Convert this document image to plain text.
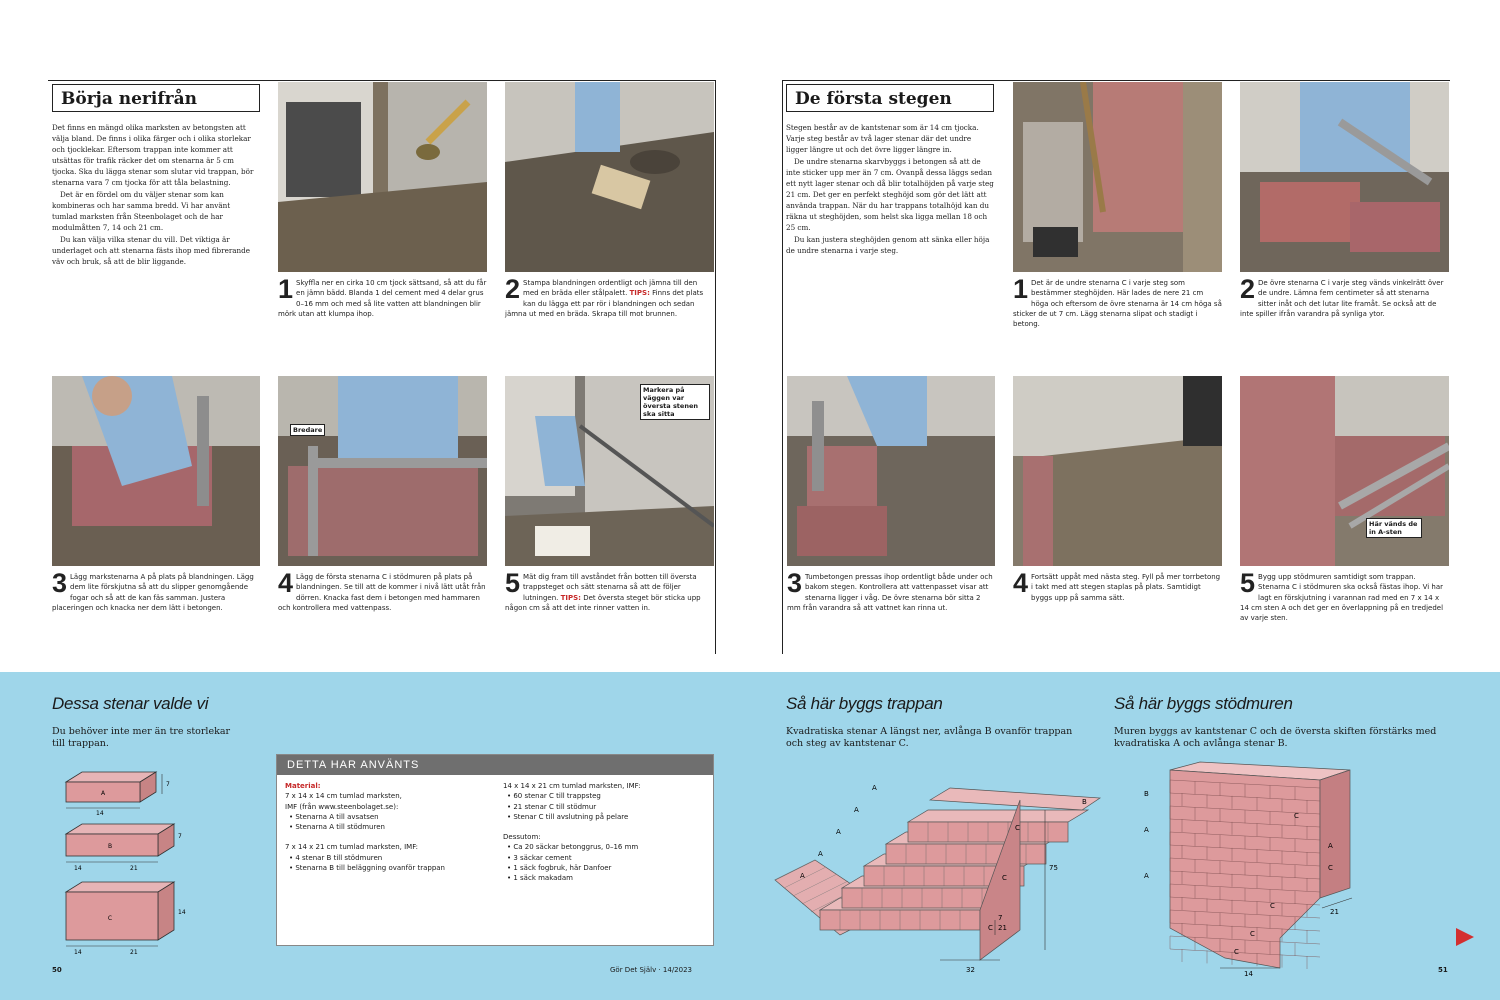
Börja nerifrån

Det finns en mängd olika marksten av betongsten att välja bland. De finns i olika färger och i olika storlekar och tjocklekar. Eftersom trappan inte kommer att utsättas för trafik räcker det om stenarna är 5 cm tjocka. Ska du lägga stenar som slutar vid trappan, bör stenarna vara 7 cm tjocka för att tåla belastning.

Det är en fördel om du väljer stenar som kan kombineras och har samma bredd. Vi har använt tumlad marksten från Steenbolaget och de har modulmåtten 7, 14 och 21 cm.

Du kan välja vilka stenar du vill. Det viktiga är underlaget och att stenarna fästs ihop med fibrerande väv och bruk, så att de blir liggande.

Bredare
Markera på väggen var översta stenen ska sitta
1 Skyffla ner en cirka 10 cm tjock sättsand, så att du får en jämn bädd. Blanda 1 del cement med 4 delar grus 0–16 mm och med så lite vatten att blandningen blir mörk utan att klumpa ihop.
2 Stampa blandningen ordentligt och jämna till den med en bräda eller stålpalett. TIPS: Finns det plats kan du lägga ett par rör i blandningen och sedan jämna ut med en bräda. Skrapa till mot brunnen.
3 Lägg markstenarna A på plats på blandningen. Lägg dem lite förskjutna så att du slipper genomgående fogar och så att de kan fäs samman. Justera placeringen och knacka ner dem lätt i betongen.
4 Lägg de första stenarna C i stödmuren på plats på blandningen. Se till att de kommer i nivå lätt utåt från dörren. Knacka fast dem i betongen med hammaren och kontrollera med vattenpass.
5 Mät dig fram till avståndet från botten till översta trappsteget och sätt stenarna så att de följer lutningen. TIPS: Det översta steget bör sticka upp någon cm så att det inte rinner vatten in.
De första stegen

Stegen består av de kantstenar som är 14 cm tjocka. Varje steg består av två lager stenar där det undre ligger längre ut och det övre ligger längre in.

De undre stenarna skarvbyggs i betongen så att de inte sticker upp mer än 7 cm. Ovanpå dessa läggs sedan ett nytt lager stenar och då blir totalhöjden på varje steg 21 cm. Det ger en perfekt steghöjd som gör det lätt att använda trappan. När du har trappans totalhöjd kan du räkna ut steghöjden, som helst ska ligga mellan 18 och 25 cm.

Du kan justera steghöjden genom att sänka eller höja de undre stenarna i varje steg.

Här vänds de in A-sten
1 Det är de undre stenarna C i varje steg som bestämmer steghöjden. Här lades de nere 21 cm höga och eftersom de övre stenarna är 14 cm höga så sticker de ut 7 cm. Lägg stenarna slipat och stadigt i betong.
2 De övre stenarna C i varje steg vänds vinkelrätt över de undre. Lämna fem centimeter så att stenarna sitter inåt och det lutar lite framåt. Se också att de inte spiller ifrån varandra på synliga ytor.
3 Tumbetongen pressas ihop ordentligt både under och bakom stegen. Kontrollera att vattenpasset visar att stenarna ligger i våg. De övre stenarna bör sitta 2 mm från varandra så att vattnet kan rinna ut.
4 Fortsätt uppåt med nästa steg. Fyll på mer torrbetong i takt med att stegen staplas på plats. Samtidigt byggs upp på samma sätt.	5 Bygg upp stödmuren samtidigt som trappan. Stenarna C i stödmuren ska också fästas ihop. Vi har lagt en förskjutning i varannan rad med en 7 x 14 x 14 cm sten A och det ger en överlappning på en tredjedel av varje sten.
Dessa stenar valde vi
Du behöver inte mer än tre storlekar till trappan.
A
14
7
B
14	21
7
C
14	21
14
DETTA HAR ANVÄNTS
Material:
7 x 14 x 14 cm tumlad marksten,
IMF (från www.steenbolaget.se):
• Stenarna A till avsatsen
• Stenarna A till stödmuren
7 x 14 x 21 cm tumlad marksten, IMF:
• 4 stenar B till stödmuren
• Stenarna B till beläggning ovanför trappan
14 x 14 x 21 cm tumlad marksten, IMF:
• 60 stenar C till trappsteg
• 21 stenar C till stödmur
• Stenar C till avslutning på pelare
Dessutom:
• Ca 20 säckar betonggrus, 0–16 mm
• 3 säckar cement
• 1 säck fogbruk, här Danfoer
• 1 säck makadam
Så här byggs trappan
Kvadratiska stenar A längst ner, avlånga B ovanför trappan och steg av kantstenar C.
A
A
A
A
A
B
C
C
C
32
21
7
75
Så här byggs stödmuren
Muren byggs av kantstenar C och de översta skiften förstärks med kvadratiska A och avlånga stenar B.
B
A
A
C
A
C
C
C
C
21
14
50	Gör Det Själv · 14/2023	51
